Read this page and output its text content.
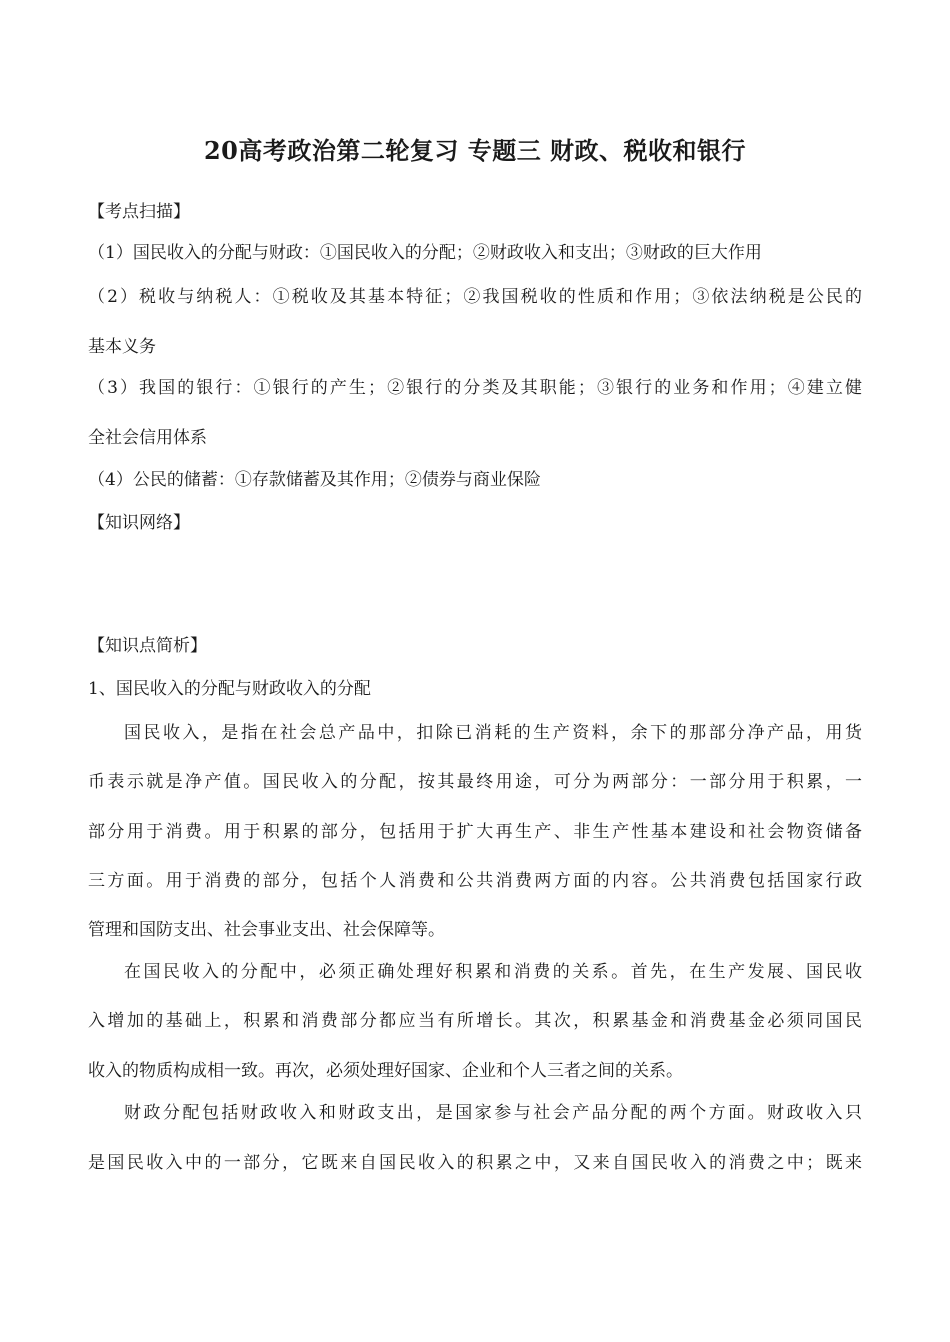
20高考政治第二轮复习 专题三 财政、税收和银行
【考点扫描】
（1）国民收入的分配与财政：①国民收入的分配；②财政收入和支出；③财政的巨大作用
（2）税收与纳税人：①税收及其基本特征；②我国税收的性质和作用；③依法纳税是公民的
基本义务
（3）我国的银行：①银行的产生；②银行的分类及其职能；③银行的业务和作用；④建立健
全社会信用体系
（4）公民的储蓄：①存款储蓄及其作用；②债券与商业保险
【知识网络】
【知识点简析】
1、国民收入的分配与财政收入的分配
国民收入，是指在社会总产品中，扣除已消耗的生产资料，余下的那部分净产品，用货
币表示就是净产值。国民收入的分配，按其最终用途，可分为两部分：一部分用于积累，一
部分用于消费。用于积累的部分，包括用于扩大再生产、非生产性基本建设和社会物资储备
三方面。用于消费的部分，包括个人消费和公共消费两方面的内容。公共消费包括国家行政
管理和国防支出、社会事业支出、社会保障等。
在国民收入的分配中，必须正确处理好积累和消费的关系。首先，在生产发展、国民收
入增加的基础上，积累和消费部分都应当有所增长。其次，积累基金和消费基金必须同国民
收入的物质构成相一致。再次，必须处理好国家、企业和个人三者之间的关系。
财政分配包括财政收入和财政支出，是国家参与社会产品分配的两个方面。财政收入只
是国民收入中的一部分，它既来自国民收入的积累之中，又来自国民收入的消费之中；既来
